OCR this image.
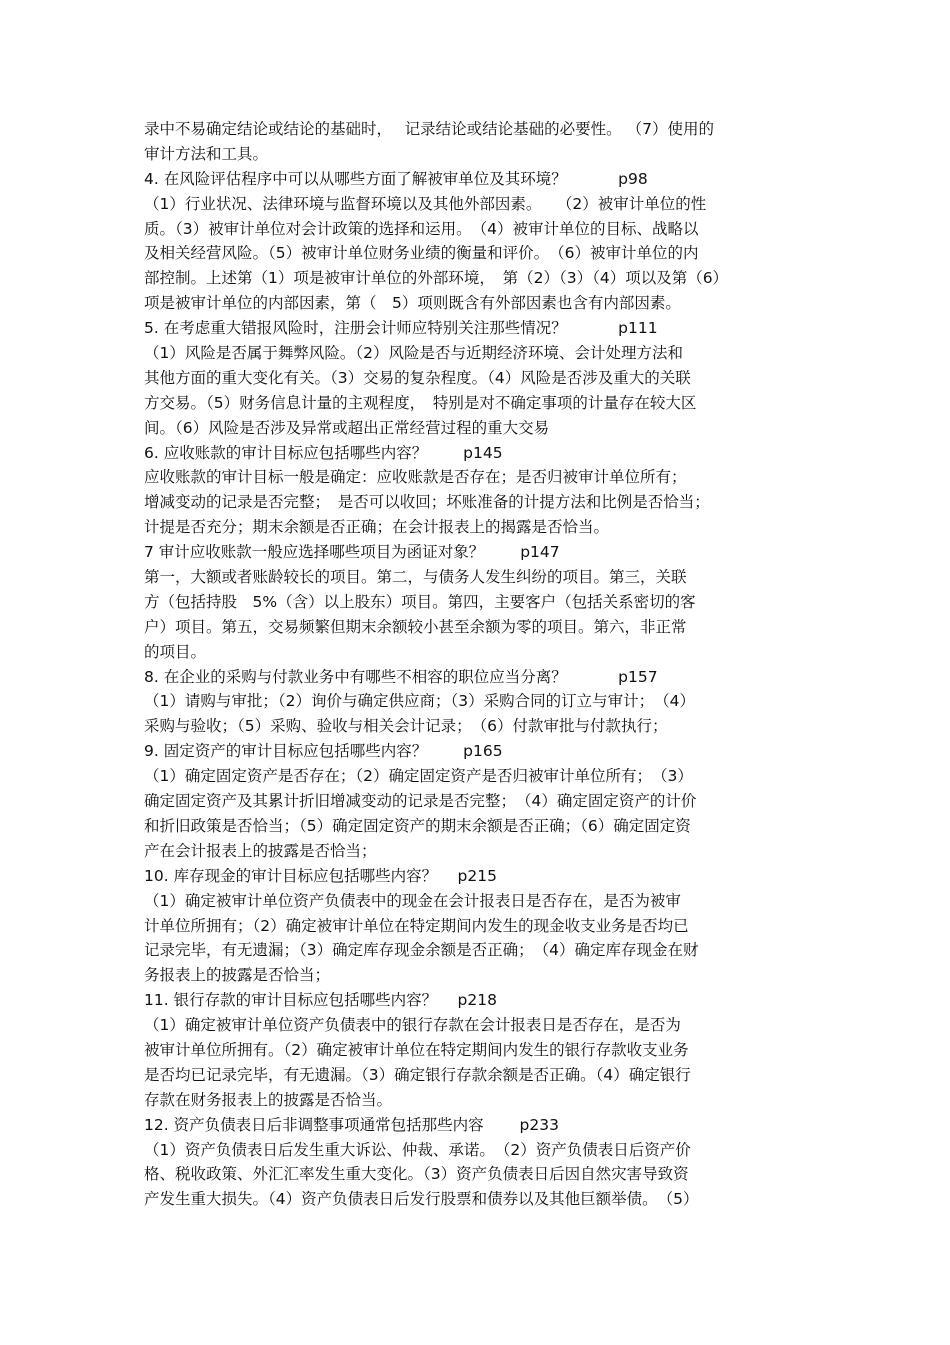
录中不易确定结论或结论的基础时，　 记录结论或结论基础的必要性。 （7）使用的
审计方法和工具。
4. 在风险评估程序中可以从哪些方面了解被审单位及其环境？　　　 p98
（1）行业状况、法律环境与监督环境以及其他外部因素。　　（2）被审计单位的性
质。（3）被审计单位对会计政策的选择和运用。　（4）被审计单位的目标、战略以
及相关经营风险。（5）被审计单位财务业绩的衡量和评价。　（6）被审计单位的内
部控制。上述第（1）项是被审计单位的外部环境，　第（2）（3）（4）项以及第（6）
项是被审计单位的内部因素，第（　5）项则既含有外部因素也含有内部因素。
5. 在考虑重大错报风险时，注册会计师应特别关注那些情况？　　　 p111
（1）风险是否属于舞弊风险。（2）风险是否与近期经济环境、会计处理方法和
其他方面的重大变化有关。（3）交易的复杂程度。（4）风险是否涉及重大的关联
方交易。（5）财务信息计量的主观程度，　特别是对不确定事项的计量存在较大区
间。（6）风险是否涉及异常或超出正常经营过程的重大交易
6. 应收账款的审计目标应包括哪些内容？　　 p145
应收账款的审计目标一般是确定：应收账款是否存在；是否归被审计单位所有；
增减变动的记录是否完整；　是否可以收回；坏账准备的计提方法和比例是否恰当；
计提是否充分；期末余额是否正确；在会计报表上的揭露是否恰当。
7 审计应收账款一般应选择哪些项目为函证对象？　　 p147
第一，大额或者账龄较长的项目。第二，与债务人发生纠纷的项目。第三，关联
方（包括持股　5%（含）以上股东）项目。第四，主要客户（包括关系密切的客
户）项目。第五，交易频繁但期末余额较小甚至余额为零的项目。第六，非正常
的项目。
8. 在企业的采购与付款业务中有哪些不相容的职位应当分离？　　　 p157
（1）请购与审批；（2）询价与确定供应商；（3）采购合同的订立与审计；　（4）
采购与验收；（5）采购、验收与相关会计记录；　（6）付款审批与付款执行；
9. 固定资产的审计目标应包括哪些内容？　　 p165
（1）确定固定资产是否存在；（2）确定固定资产是否归被审计单位所有；　（3）
确定固定资产及其累计折旧增减变动的记录是否完整；　（4）确定固定资产的计价
和折旧政策是否恰当；（5）确定固定资产的期末余额是否正确；（6）确定固定资
产在会计报表上的披露是否恰当；
10. 库存现金的审计目标应包括哪些内容？　 p215
（1）确定被审计单位资产负债表中的现金在会计报表日是否存在，是否为被审
计单位所拥有；（2）确定被审计单位在特定期间内发生的现金收支业务是否均已
记录完毕，有无遗漏；（3）确定库存现金余额是否正确；　（4）确定库存现金在财
务报表上的披露是否恰当；
11. 银行存款的审计目标应包括哪些内容？　 p218
（1）确定被审计单位资产负债表中的银行存款在会计报表日是否存在，是否为
被审计单位所拥有。（2）确定被审计单位在特定期间内发生的银行存款收支业务
是否均已记录完毕，有无遗漏。（3）确定银行存款余额是否正确。（4）确定银行
存款在财务报表上的披露是否恰当。
12. 资产负债表日后非调整事项通常包括那些内容　　 p233
（1）资产负债表日后发生重大诉讼、仲裁、承诺。　（2）资产负债表日后资产价
格、税收政策、外汇汇率发生重大变化。（3）资产负债表日后因自然灾害导致资
产发生重大损失。（4）资产负债表日后发行股票和债券以及其他巨额举债。　（5）
